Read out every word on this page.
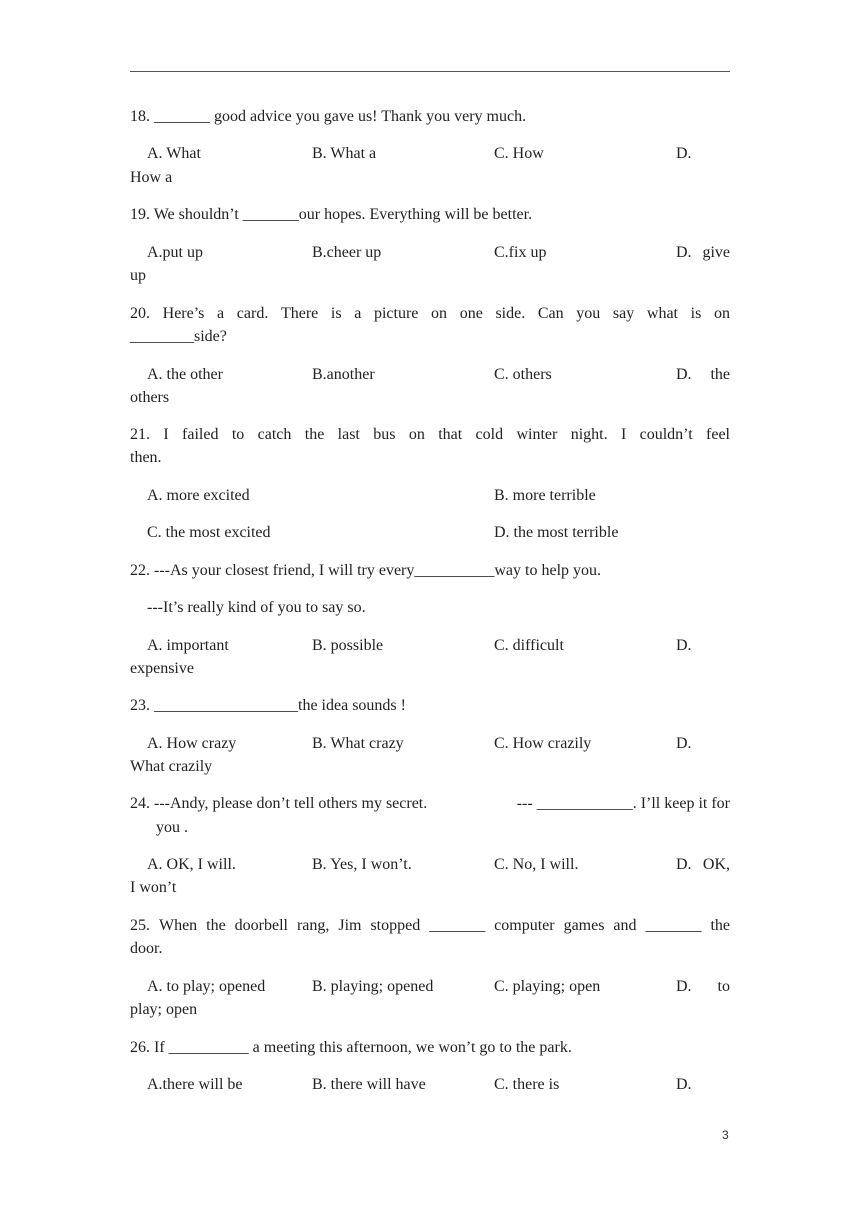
18. _______ good advice you gave us! Thank you very much.
A. What	B. What a	C. How	D.
How a
19. We shouldn’t _______our hopes. Everything will be better.
A.put up	B.cheer up	C.fix up	D. give
up
20. Here’s a card. There is a picture on one side. Can you say what is on
________side?
A. the other	B.another	C. others	D. the
others
21. I failed to catch the last bus on that cold winter night. I couldn’t feel
then.
A. more excited	B. more terrible
C. the most excited	D. the most terrible
22. ---As your closest friend, I will try every__________way to help you.
---It’s really kind of you to say so.
A. important	B. possible	C. difficult	D.
expensive
23. __________________the idea sounds !
A. How crazy	B. What crazy	C. How crazily	D.
What crazily
24. ---Andy, please don’t tell others my secret.	--- ____________. I’ll keep it for
you .
A. OK, I will.	B. Yes, I won’t.	C. No, I will.	D. OK,
I won’t
25. When the doorbell rang, Jim stopped _______ computer games and _______ the
door.
A. to play; opened	B. playing; opened	C. playing; open	D. to
play; open
26. If __________ a meeting this afternoon, we won’t go to the park.
A.there will be	B. there will have	C. there is	D.
3
